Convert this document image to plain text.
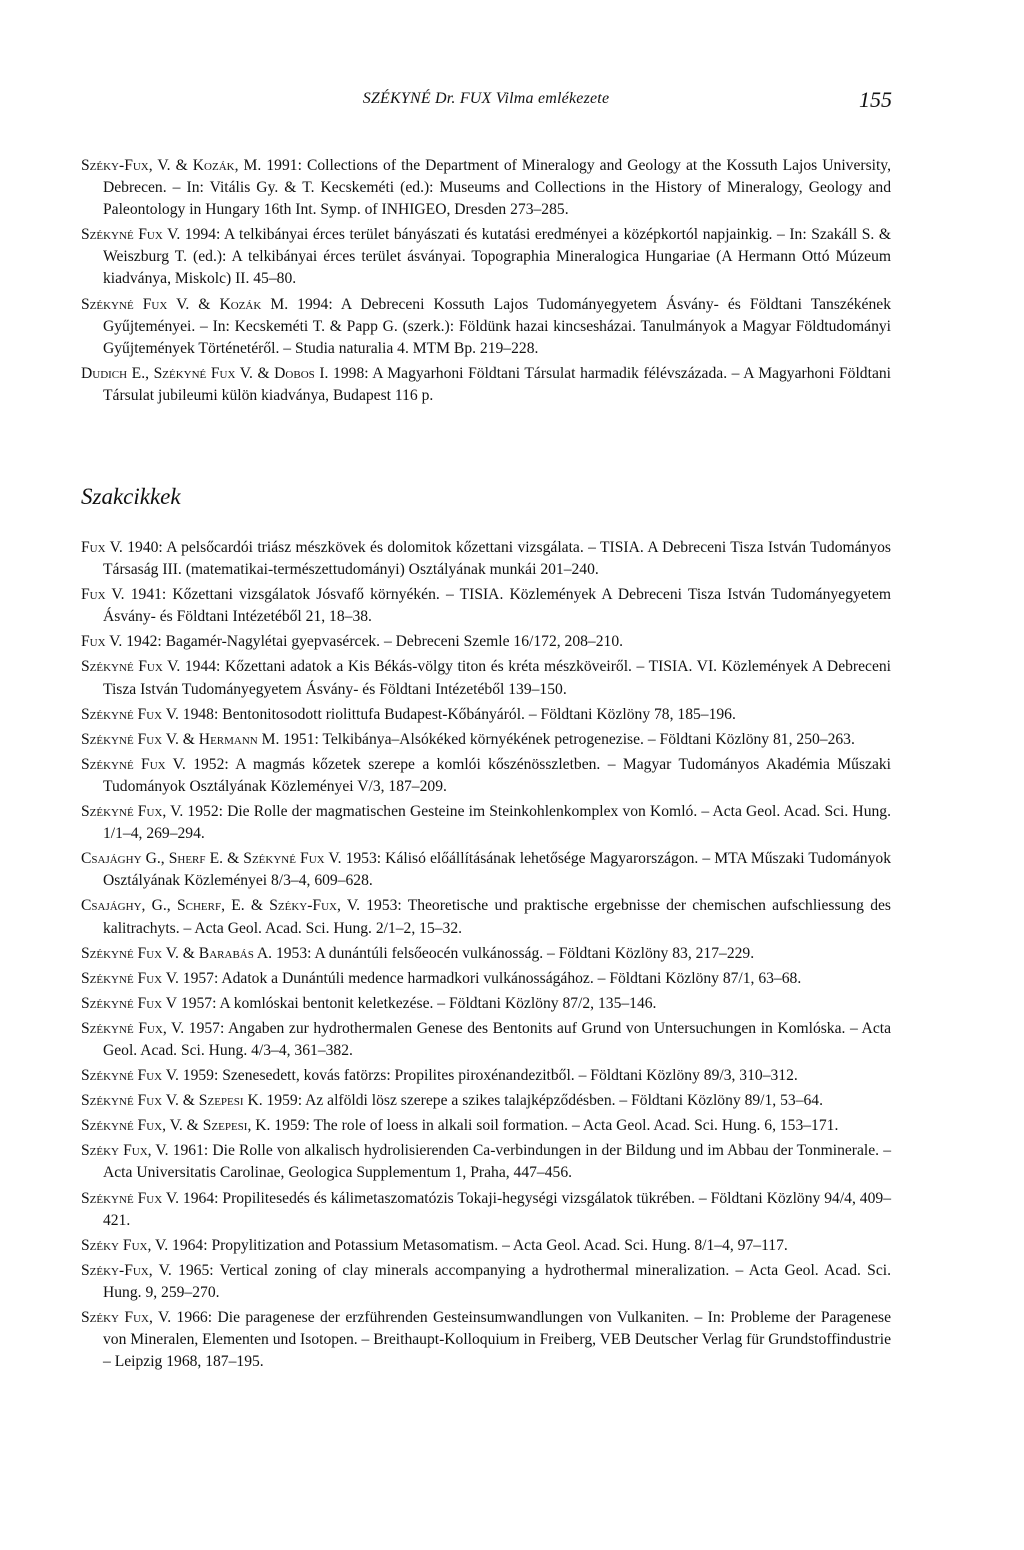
SZÉKYNÉ Dr. FUX Vilma emlékezete	155

Széky-Fux, V. & Kozák, M. 1991: Collections of the Department of Mineralogy and Geology at the Kossuth Lajos University, Debrecen. – In: Vitális Gy. & T. Kecskeméti (ed.): Museums and Collections in the History of Mineralogy, Geology and Paleontology in Hungary 16th Int. Symp. of INHIGEO, Dresden 273–285.

Székyné Fux V. 1994: A telkibányai érces terület bányászati és kutatási eredményei a középkortól napjainkig. – In: Szakáll S. & Weiszburg T. (ed.): A telkibányai érces terület ásványai. Topographia Mineralogica Hungariae (A Hermann Ottó Múzeum kiadványa, Miskolc) II. 45–80.

Székyné Fux V. & Kozák M. 1994: A Debreceni Kossuth Lajos Tudományegyetem Ásvány- és Földtani Tanszékének Gyűjteményei. – In: Kecskeméti T. & Papp G. (szerk.): Földünk hazai kincsesházai. Tanulmányok a Magyar Földtudományi Gyűjtemények Történetéről. – Studia naturalia 4. MTM Bp. 219–228.

Dudich E., Székyné Fux V. & Dobos I. 1998: A Magyarhoni Földtani Társulat harmadik félévszázada. – A Magyarhoni Földtani Társulat jubileumi külön kiadványa, Budapest 116 p.

Szakcikkek

Fux V. 1940: A pelsőcardói triász mészkövek és dolomitok kőzettani vizsgálata. – TISIA. A Debreceni Tisza István Tudományos Társaság III. (matematikai-természettudományi) Osztályának munkái 201–240.

Fux V. 1941: Kőzettani vizsgálatok Jósvafő környékén. – TISIA. Közlemények A Debreceni Tisza István Tudományegyetem Ásvány- és Földtani Intézetéből 21, 18–38.

Fux V. 1942: Bagamér-Nagylétai gyepvasércek. – Debreceni Szemle 16/172, 208–210.

Székyné Fux V. 1944: Kőzettani adatok a Kis Békás-völgy titon és kréta mészköveiről. – TISIA. VI. Közlemények A Debreceni Tisza István Tudományegyetem Ásvány- és Földtani Intézetéből 139–150.

Székyné Fux V. 1948: Bentonitosodott riolittufa Budapest-Kőbányáról. – Földtani Közlöny 78, 185–196.

Székyné Fux V. & Hermann M. 1951: Telkibánya–Alsókéked környékének petrogenezise. – Földtani Közlöny 81, 250–263.

Székyné Fux V. 1952: A magmás kőzetek szerepe a komlói kőszénösszletben. – Magyar Tudományos Akadémia Műszaki Tudományok Osztályának Közleményei V/3, 187–209.

Székyné Fux, V. 1952: Die Rolle der magmatischen Gesteine im Steinkohlenkomplex von Komló. – Acta Geol. Acad. Sci. Hung. 1/1–4, 269–294.

Csajághy G., Sherf E. & Székyné Fux V. 1953: Kálisó előállításának lehetősége Magyarországon. – MTA Műszaki Tudományok Osztályának Közleményei 8/3–4, 609–628.

Csajághy, G., Scherf, E. & Széky-Fux, V. 1953: Theoretische und praktische ergebnisse der chemischen aufschliessung des kalitrachyts. – Acta Geol. Acad. Sci. Hung. 2/1–2, 15–32.

Székyné Fux V. & Barabás A. 1953: A dunántúli felsőeocén vulkánosság. – Földtani Közlöny 83, 217–229.

Székyné Fux V. 1957: Adatok a Dunántúli medence harmadkori vulkánosságához. – Földtani Közlöny 87/1, 63–68.

Székyné Fux V 1957: A komlóskai bentonit keletkezése. – Földtani Közlöny 87/2, 135–146.

Székyné Fux, V. 1957: Angaben zur hydrothermalen Genese des Bentonits auf Grund von Untersuchungen in Komlóska. – Acta Geol. Acad. Sci. Hung. 4/3–4, 361–382.

Székyné Fux V. 1959: Szenesedett, kovás fatörzs: Propilites piroxénandezitből. – Földtani Közlöny 89/3, 310–312.

Székyné Fux V. & Szepesi K. 1959: Az alföldi lösz szerepe a szikes talajképződésben. – Földtani Közlöny 89/1, 53–64.

Székyné Fux, V. & Szepesi, K. 1959: The role of loess in alkali soil formation. – Acta Geol. Acad. Sci. Hung. 6, 153–171.

Széky Fux, V. 1961: Die Rolle von alkalisch hydrolisierenden Ca-verbindungen in der Bildung und im Abbau der Tonminerale. – Acta Universitatis Carolinae, Geologica Supplementum 1, Praha, 447–456.

Székyné Fux V. 1964: Propilitesedés és kálimetaszomatózis Tokaji-hegységi vizsgálatok tükrében. – Földtani Közlöny 94/4, 409–421.

Széky Fux, V. 1964: Propylitization and Potassium Metasomatism. – Acta Geol. Acad. Sci. Hung. 8/1–4, 97–117.

Széky-Fux, V. 1965: Vertical zoning of clay minerals accompanying a hydrothermal mineralization. – Acta Geol. Acad. Sci. Hung. 9, 259–270.

Széky Fux, V. 1966: Die paragenese der erzführenden Gesteinsumwandlungen von Vulkaniten. – In: Probleme der Paragenese von Mineralen, Elementen und Isotopen. – Breithaupt-Kolloquium in Freiberg, VEB Deutscher Verlag für Grundstoffindustrie – Leipzig 1968, 187–195.
